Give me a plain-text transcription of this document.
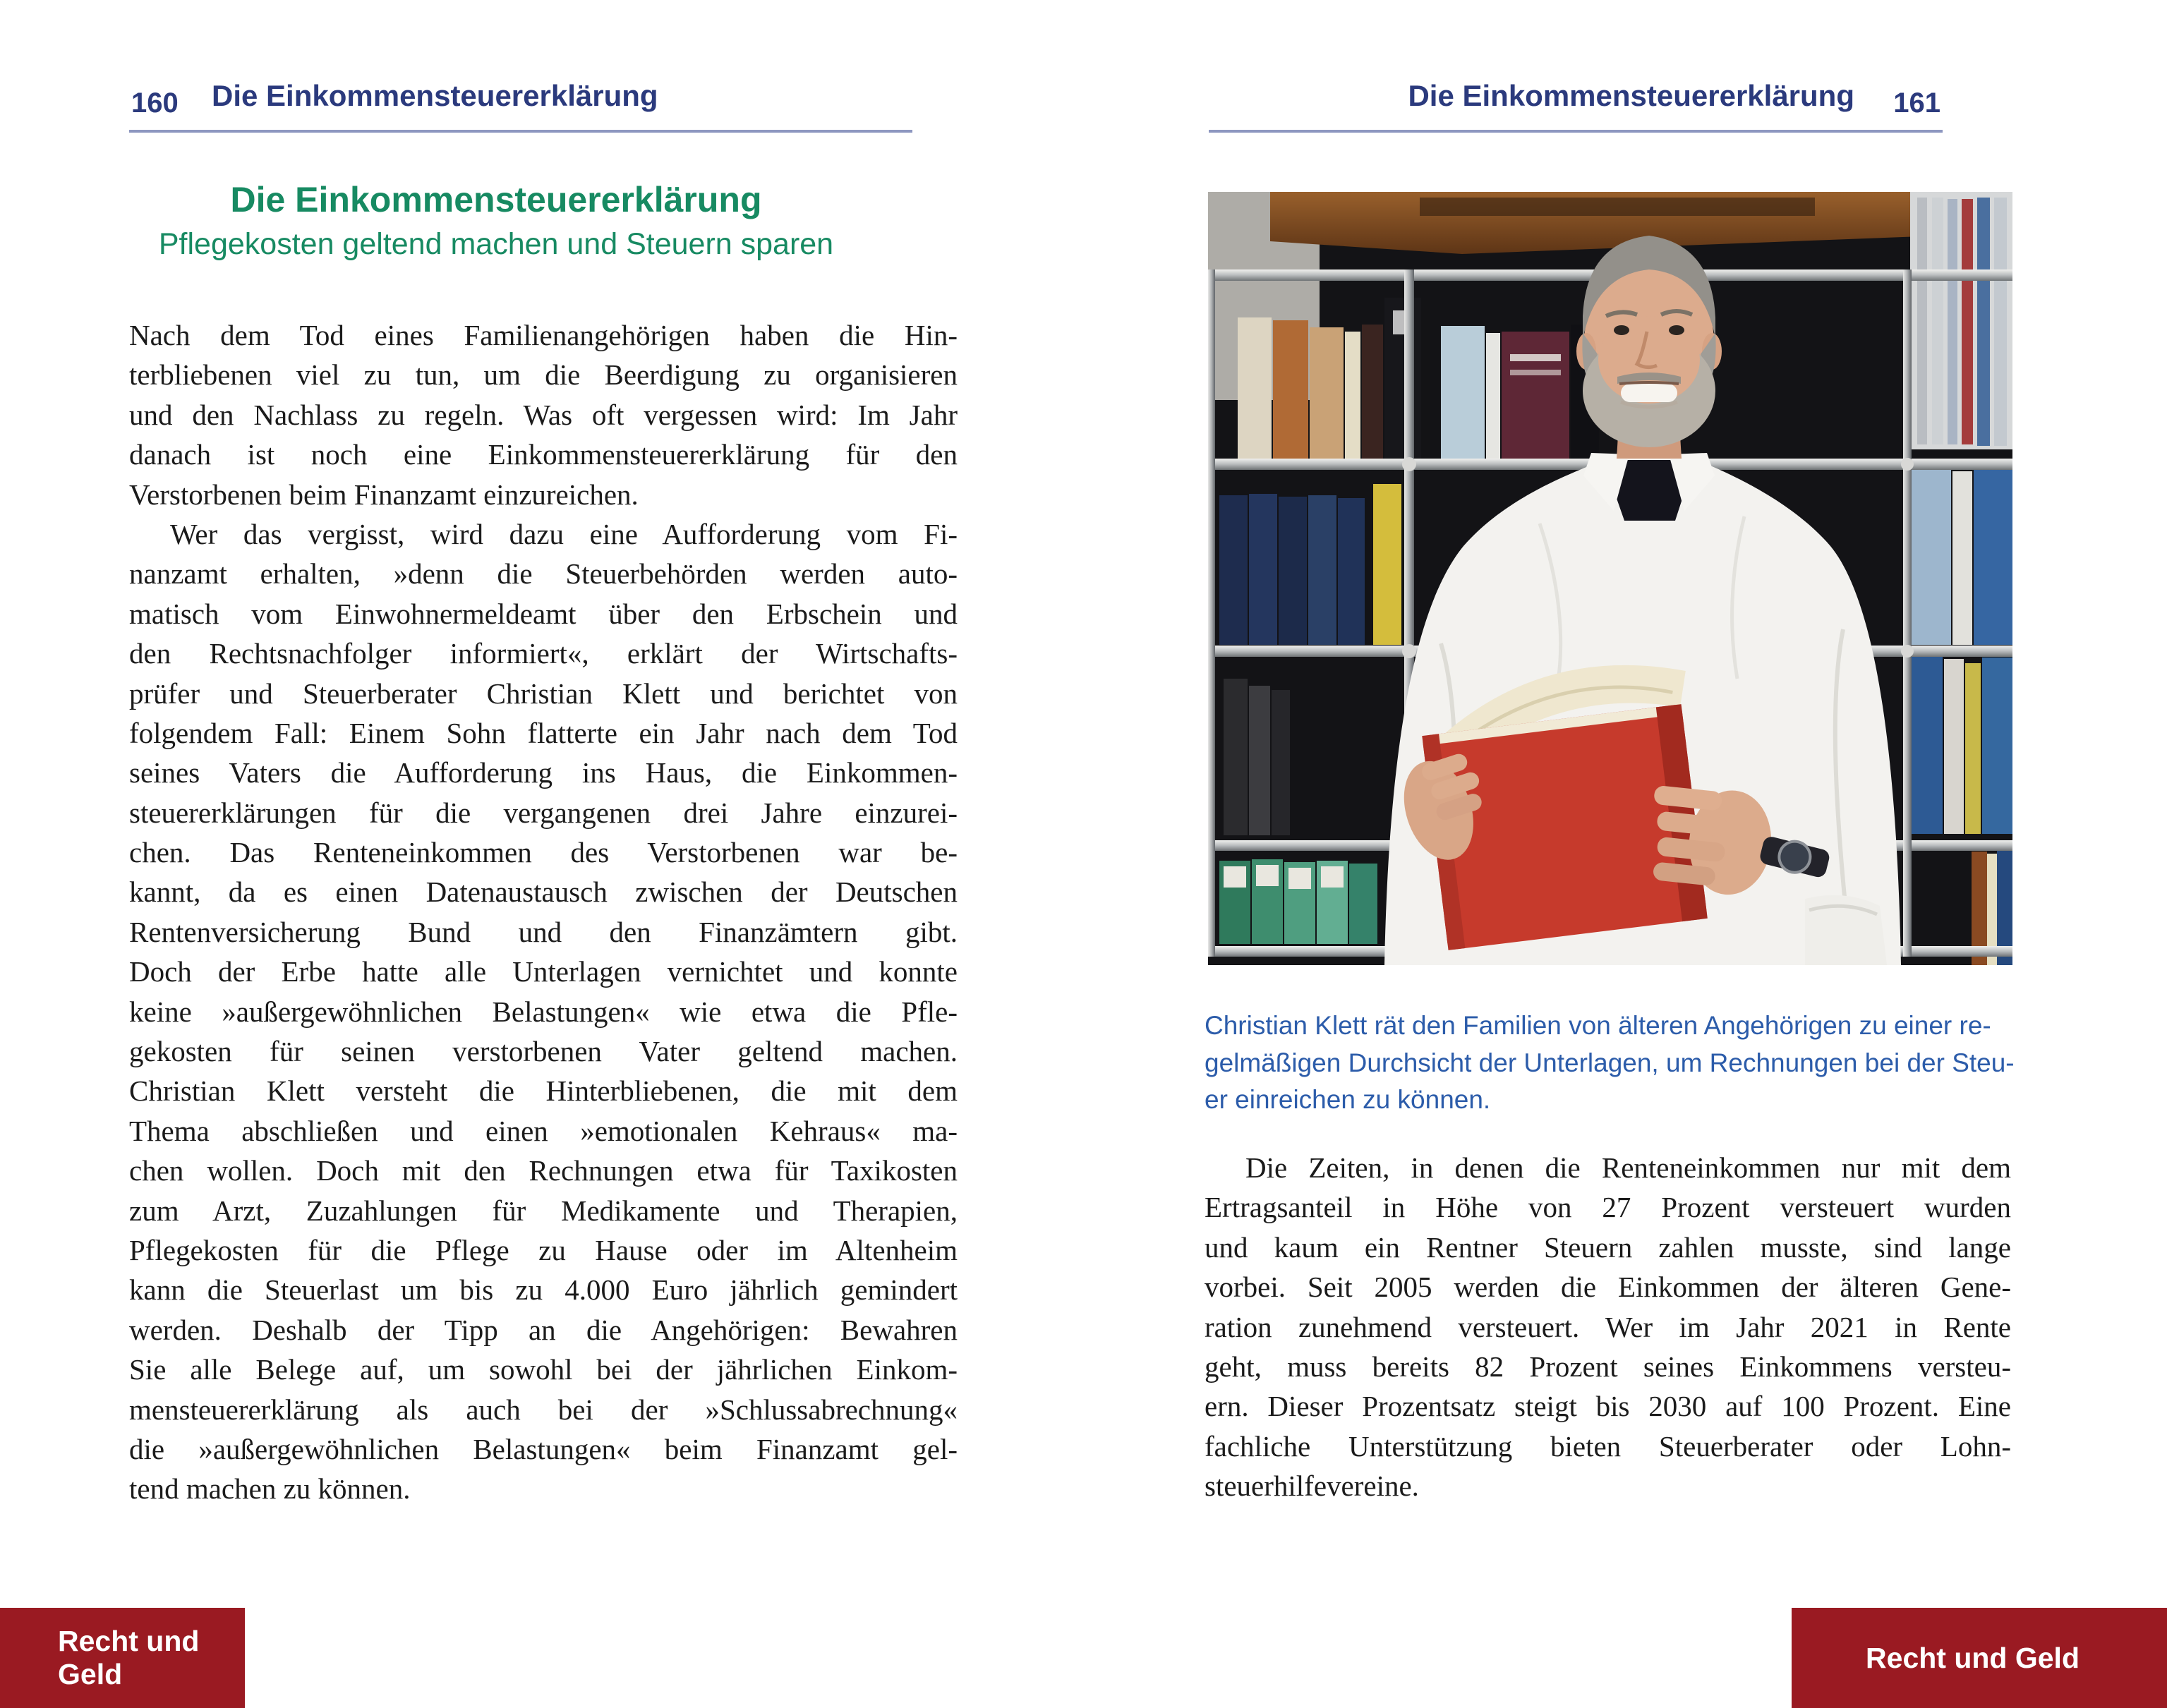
160 Die Einkommensteuererklärung
Die Einkommensteuererklärung
Pflegekosten geltend machen und Steuern sparen
Nach dem Tod eines Familienangehörigen haben die Hin-
terbliebenen viel zu tun, um die Beerdigung zu organisieren
und den Nachlass zu regeln. Was oft vergessen wird: Im Jahr
danach ist noch eine Einkommensteuererklärung für den
Verstorbenen beim Finanzamt einzureichen.
Wer das vergisst, wird dazu eine Aufforderung vom Fi-
nanzamt erhalten, »denn die Steuerbehörden werden auto-
matisch vom Einwohnermeldeamt über den Erbschein und
den Rechtsnachfolger informiert«, erklärt der Wirtschafts-
prüfer und Steuerberater Christian Klett und berichtet von
folgendem Fall: Einem Sohn flatterte ein Jahr nach dem Tod
seines Vaters die Aufforderung ins Haus, die Einkommen-
steuererklärungen für die vergangenen drei Jahre einzurei-
chen. Das Renteneinkommen des Verstorbenen war be-
kannt, da es einen Datenaustausch zwischen der Deutschen
Rentenversicherung Bund und den Finanzämtern gibt.
Doch der Erbe hatte alle Unterlagen vernichtet und konnte
keine »außergewöhnlichen Belastungen« wie etwa die Pfle-
gekosten für seinen verstorbenen Vater geltend machen.
Christian Klett versteht die Hinterbliebenen, die mit dem
Thema abschließen und einen »emotionalen Kehraus« ma-
chen wollen. Doch mit den Rechnungen etwa für Taxikosten
zum Arzt, Zuzahlungen für Medikamente und Therapien,
Pflegekosten für die Pflege zu Hause oder im Altenheim
kann die Steuerlast um bis zu 4.000 Euro jährlich gemindert
werden. Deshalb der Tipp an die Angehörigen: Bewahren
Sie alle Belege auf, um sowohl bei der jährlichen Einkom-
mensteuererklärung als auch bei der »Schlussabrechnung«
die »außergewöhnlichen Belastungen« beim Finanzamt gel-
tend machen zu können.
Recht und Geld
Die Einkommensteuererklärung 161
Christian Klett rät den Familien von älteren Angehörigen zu einer re-
gelmäßigen Durchsicht der Unterlagen, um Rechnungen bei der Steu-
er einreichen zu können.
Die Zeiten, in denen die Renteneinkommen nur mit dem
Ertragsanteil in Höhe von 27 Prozent versteuert wurden
und kaum ein Rentner Steuern zahlen musste, sind lange
vorbei. Seit 2005 werden die Einkommen der älteren Gene-
ration zunehmend versteuert. Wer im Jahr 2021 in Rente
geht, muss bereits 82 Prozent seines Einkommens versteu-
ern. Dieser Prozentsatz steigt bis 2030 auf 100 Prozent. Eine
fachliche Unterstützung bieten Steuerberater oder Lohn-
steuerhilfevereine.
Recht und Geld
